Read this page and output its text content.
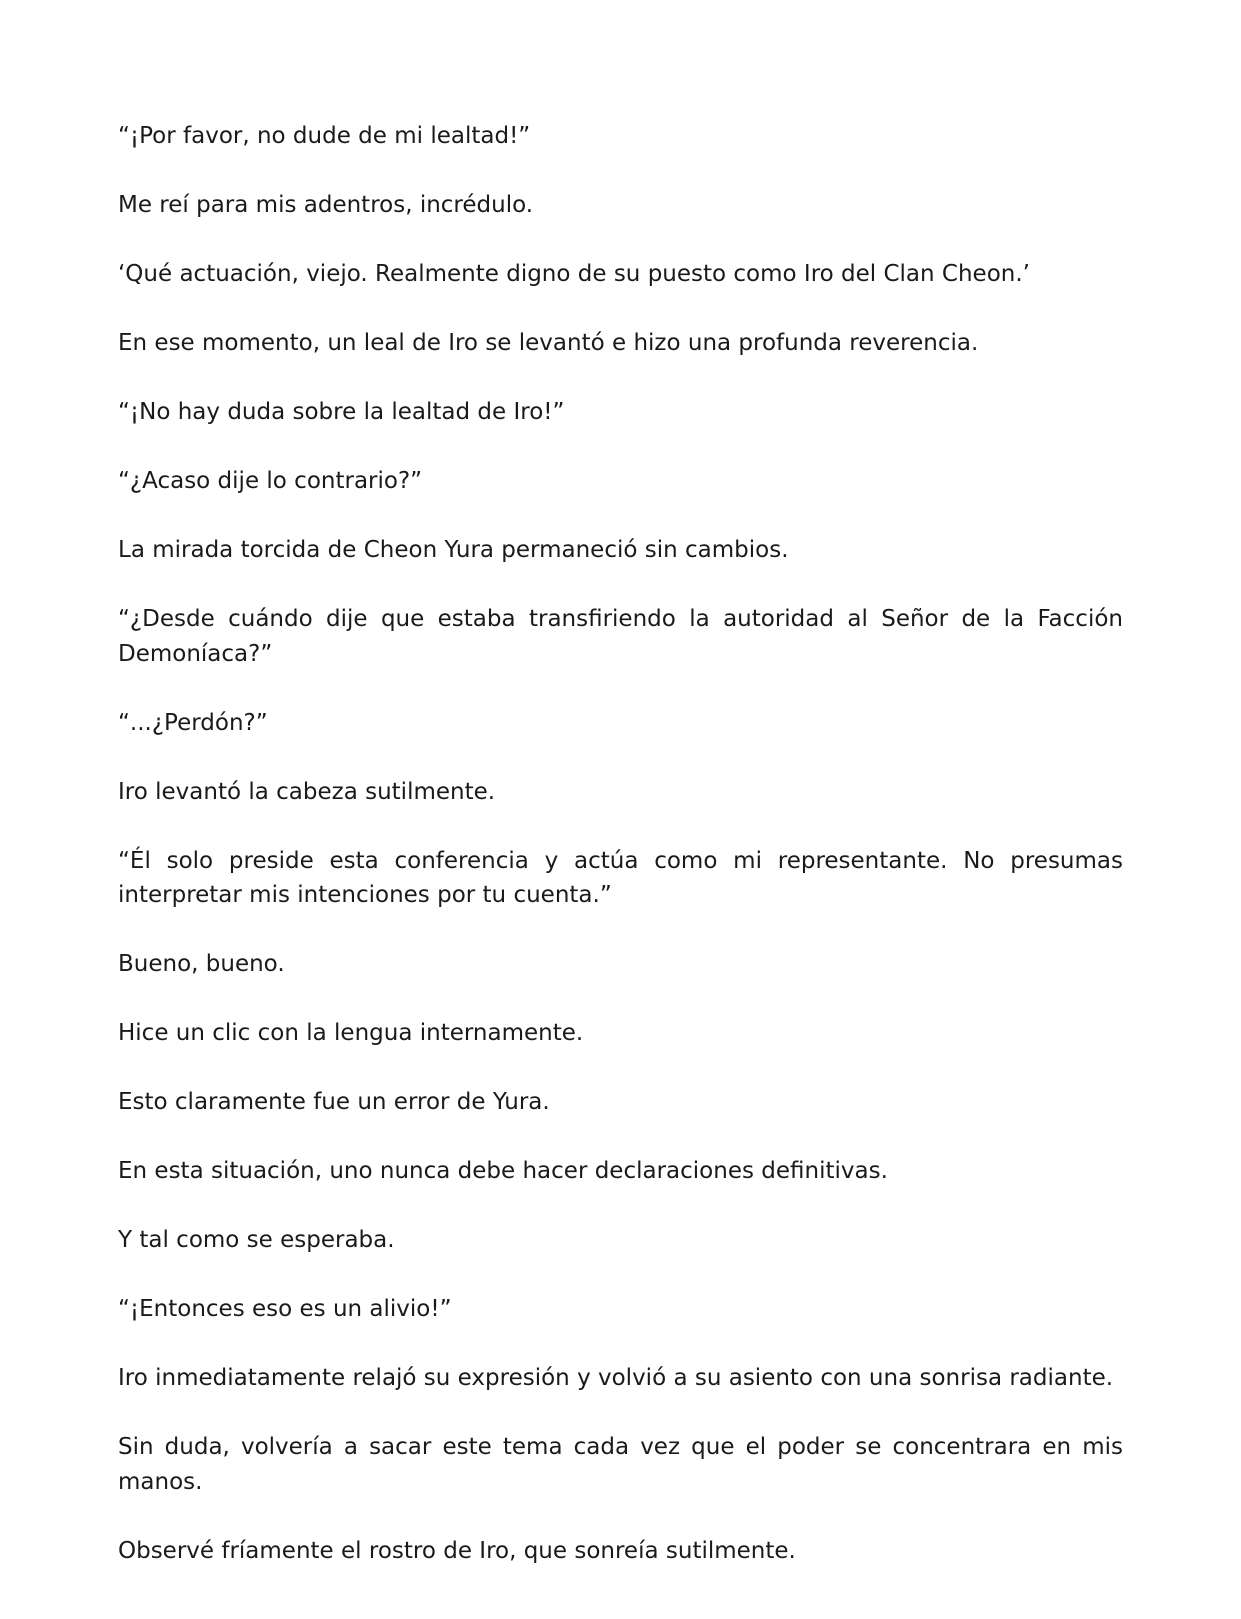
“¡Por favor, no dude de mi lealtad!”

Me reí para mis adentros, incrédulo.

‘Qué actuación, viejo. Realmente digno de su puesto como Iro del Clan Cheon.’

En ese momento, un leal de Iro se levantó e hizo una profunda reverencia.

“¡No hay duda sobre la lealtad de Iro!”

“¿Acaso dije lo contrario?”

La mirada torcida de Cheon Yura permaneció sin cambios.

“¿Desde cuándo dije que estaba transfiriendo la autoridad al Señor de la Facción Demoníaca?”

“...¿Perdón?”

Iro levantó la cabeza sutilmente.

“Él solo preside esta conferencia y actúa como mi representante. No presumas interpretar mis intenciones por tu cuenta.”

Bueno, bueno.

Hice un clic con la lengua internamente.

Esto claramente fue un error de Yura.

En esta situación, uno nunca debe hacer declaraciones definitivas.

Y tal como se esperaba.

“¡Entonces eso es un alivio!”

Iro inmediatamente relajó su expresión y volvió a su asiento con una sonrisa radiante.

Sin duda, volvería a sacar este tema cada vez que el poder se concentrara en mis manos.

Observé fríamente el rostro de Iro, que sonreía sutilmente.
